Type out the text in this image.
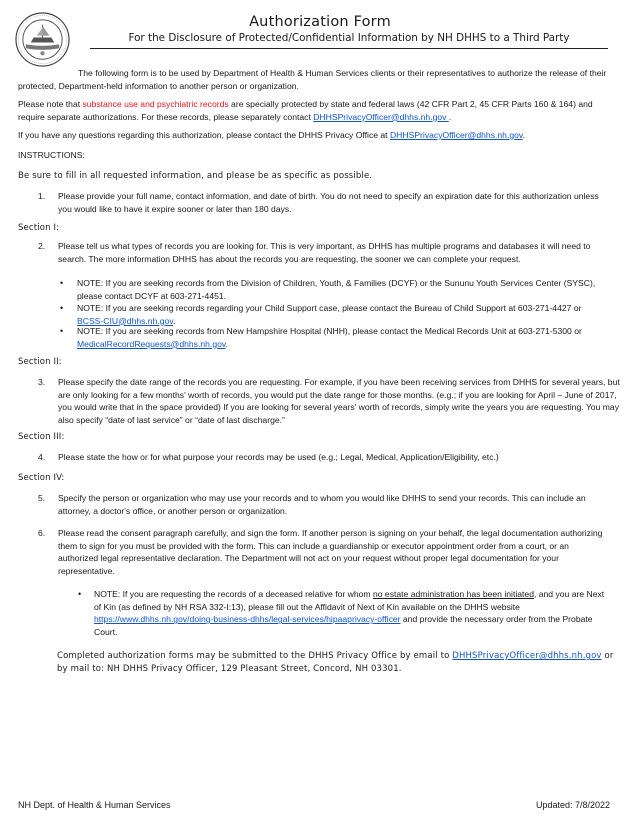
Authorization Form
For the Disclosure of Protected/Confidential Information by NH DHHS to a Third Party

The following form is to be used by Department of Health & Human Services clients or their representatives to authorize the release of their protected, Department-held information to another person or organization.

Please note that substance use and psychiatric records are specially protected by state and federal laws (42 CFR Part 2, 45 CFR Parts 160 & 164) and require separate authorizations. For these records, please separately contact DHHSPrivacyOfficer@dhhs.nh.gov .

If you have any questions regarding this authorization, please contact the DHHS Privacy Office at DHHSPrivacyOfficer@dhhs.nh.gov.

INSTRUCTIONS:

Be sure to fill in all requested information, and please be as specific as possible.

1. Please provide your full name, contact information, and date of birth. You do not need to specify an expiration date for this authorization unless you would like to have it expire sooner or later than 180 days.

Section I:

2. Please tell us what types of records you are looking for. This is very important, as DHHS has multiple programs and databases it will need to search. The more information DHHS has about the records you are requesting, the sooner we can complete your request.

• NOTE: If you are seeking records from the Division of Children, Youth, & Families (DCYF) or the Sununu Youth Services Center (SYSC), please contact DCYF at 603-271-4451.

• NOTE: If you are seeking records regarding your Child Support case, please contact the Bureau of Child Support at 603-271-4427 or BCSS-CIU@dhhs.nh.gov.

• NOTE: If you are seeking records from New Hampshire Hospital (NHH), please contact the Medical Records Unit at 603-271-5300 or MedicalRecordRequests@dhhs.nh.gov.

Section II:

3. Please specify the date range of the records you are requesting. For example, if you have been receiving services from DHHS for several years, but are only looking for a few months' worth of records, you would put the date range for those months. (e.g.; if you are looking for April – June of 2017, you would write that in the space provided) If you are looking for several years' worth of records, simply write the years you are requesting. You may also specify “date of last service” or “date of last discharge.”

Section III:

4. Please state the how or for what purpose your records may be used (e.g.; Legal, Medical, Application/Eligibility, etc.)

Section IV:

5. Specify the person or organization who may use your records and to whom you would like DHHS to send your records. This can include an attorney, a doctor's office, or another person or organization.

6. Please read the consent paragraph carefully, and sign the form. If another person is signing on your behalf, the legal documentation authorizing them to sign for you must be provided with the form. This can include a guardianship or executor appointment order from a court, or an authorized legal representative declaration. The Department will not act on your request without proper legal documentation for your representative.

• NOTE: If you are requesting the records of a deceased relative for whom no estate administration has been initiated, and you are Next of Kin (as defined by NH RSA 332-I:13), please fill out the Affidavit of Next of Kin available on the DHHS website https://www.dhhs.nh.gov/doing-business-dhhs/legal-services/hipaaprivacy-officer and provide the necessary order from the Probate Court.

Completed authorization forms may be submitted to the DHHS Privacy Office by email to DHHSPrivacyOfficer@dhhs.nh.gov or by mail to: NH DHHS Privacy Officer, 129 Pleasant Street, Concord, NH 03301.

NH Dept. of Health & Human Services	Updated: 7/8/2022
